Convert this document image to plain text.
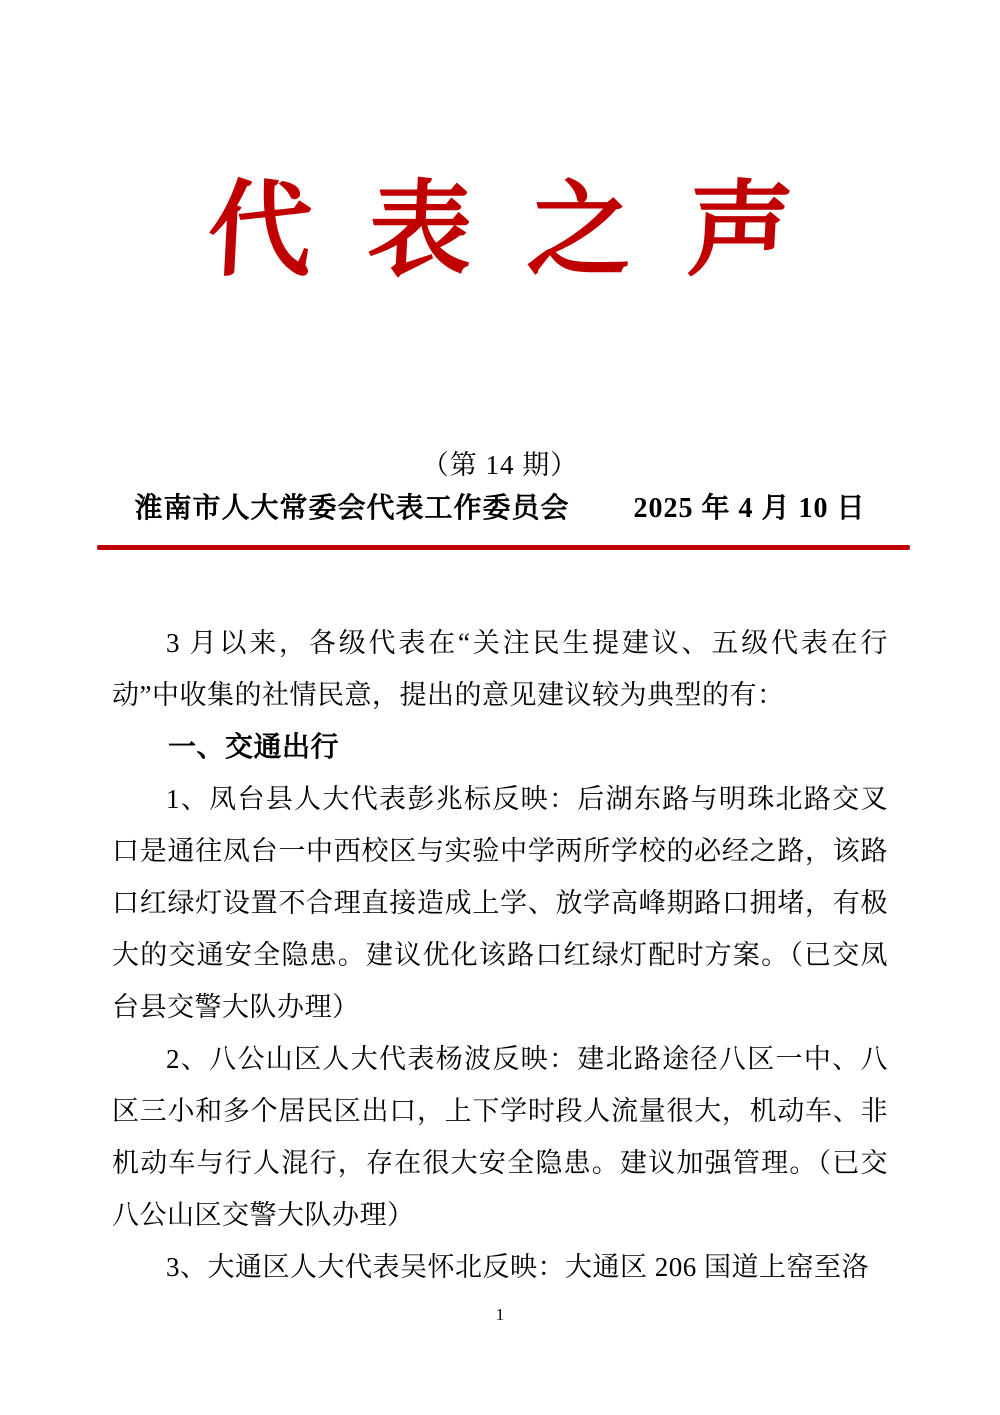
代 表 之 声
（第 14 期）
淮南市人大常委会代表工作委员会 2025 年 4 月 10 日

3 月以来，各级代表在“关注民生提建议、五级代表在行动”中收集的社情民意，提出的意见建议较为典型的有：

一、交通出行

1、凤台县人大代表彭兆标反映：后湖东路与明珠北路交叉口是通往凤台一中西校区与实验中学两所学校的必经之路，该路口红绿灯设置不合理直接造成上学、放学高峰期路口拥堵，有极大的交通安全隐患。建议优化该路口红绿灯配时方案。（已交凤台县交警大队办理）

2、八公山区人大代表杨波反映：建北路途径八区一中、八区三小和多个居民区出口，上下学时段人流量很大，机动车、非机动车与行人混行，存在很大安全隐患。建议加强管理。（已交八公山区交警大队办理）

3、大通区人大代表吴怀北反映：大通区 206 国道上窑至洛

1
